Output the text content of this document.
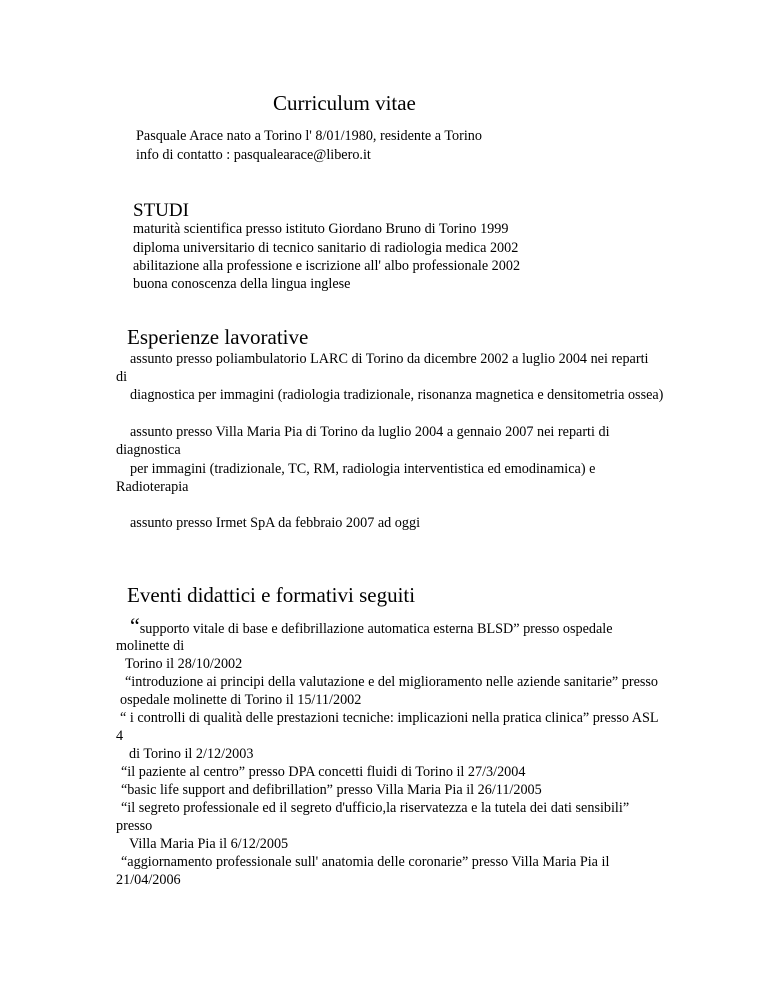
Curriculum vitae

Pasquale Arace nato a Torino l' 8/01/1980, residente a Torino

info di contatto : pasqualearace@libero.it

STUDI

maturità scientifica presso istituto Giordano Bruno di Torino 1999

diploma universitario di tecnico sanitario di radiologia medica 2002

abilitazione alla professione e iscrizione all' albo professionale 2002

buona conoscenza della lingua inglese

Esperienze lavorative

assunto presso poliambulatorio LARC di Torino da dicembre 2002 a luglio 2004 nei reparti

di

diagnostica per immagini (radiologia tradizionale, risonanza magnetica e densitometria ossea)

assunto presso Villa Maria Pia di Torino da luglio 2004 a gennaio 2007 nei reparti di

diagnostica

per immagini (tradizionale, TC, RM, radiologia interventistica ed emodinamica) e

Radioterapia

assunto presso Irmet SpA da febbraio 2007 ad oggi

Eventi didattici e formativi seguiti
“supporto vitale di base e defibrillazione automatica esterna BLSD” presso ospedale

molinette di

Torino il 28/10/2002

“introduzione ai principi della valutazione e del miglioramento nelle aziende sanitarie” presso

ospedale molinette di Torino il 15/11/2002

“ i controlli di qualità delle prestazioni tecniche: implicazioni nella pratica clinica” presso ASL

4

di Torino il 2/12/2003

“il paziente al centro” presso DPA concetti fluidi di Torino il 27/3/2004

“basic life support and defibrillation” presso Villa Maria Pia il 26/11/2005

“il segreto professionale ed il segreto d'ufficio,la riservatezza e la tutela dei dati sensibili”

presso

Villa Maria Pia il 6/12/2005

“aggiornamento professionale sull' anatomia delle coronarie” presso Villa Maria Pia il

21/04/2006
